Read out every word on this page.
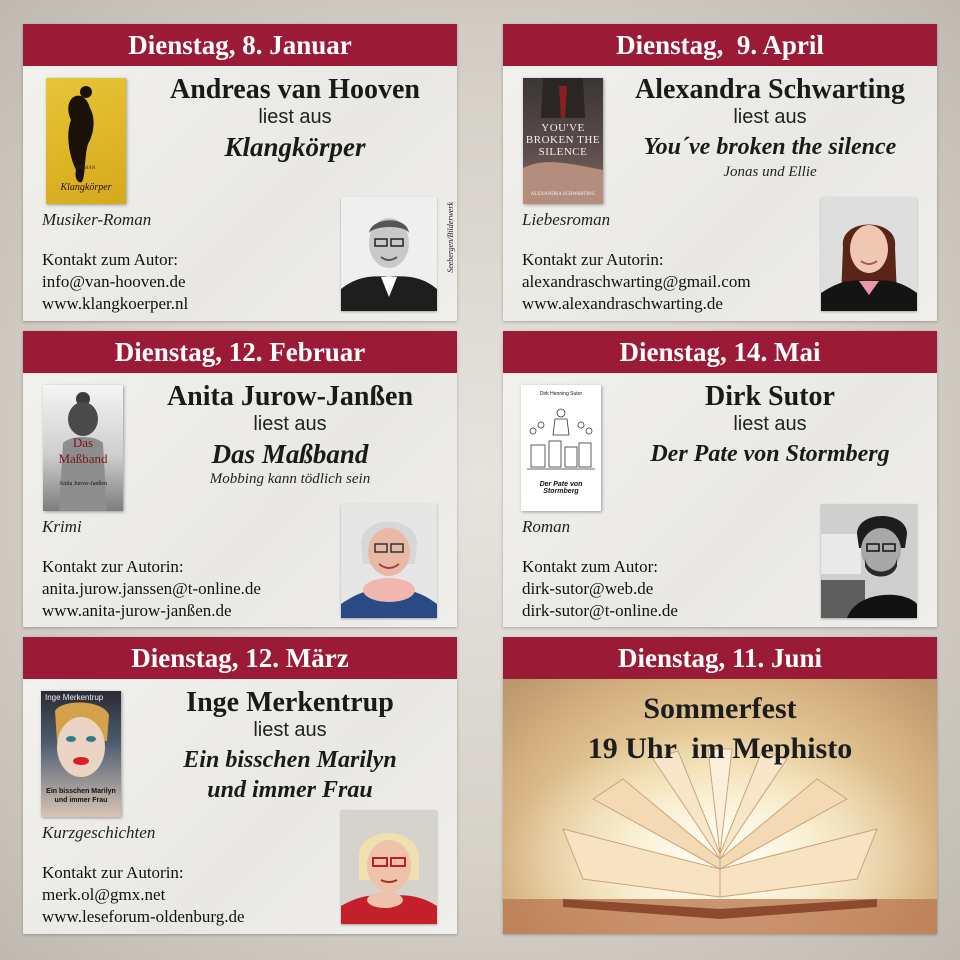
Dienstag, 8. Januar
ROMAN
Klangkörper
Andreas van Hooven
liest aus
Klangkörper
Musiker-Roman
Kontakt zum Autor:
info@van-hooven.de
www.klangkoerper.nl
Seebergen/Bilderwerk
Dienstag,  9. April
YOU'VE BROKEN THE SILENCE
ALEXANDRA SCHWARTING
Alexandra Schwarting
liest aus
You´ve broken the silence
Jonas und Ellie
Liebesroman
Kontakt zur Autorin:
alexandraschwarting@gmail.com
www.alexandraschwarting.de
Dienstag, 12. Februar
Das Maßband
Anita Jurow-Janßen
Anita Jurow-Janßen
liest aus
Das Maßband
Mobbing kann tödlich sein
Krimi
Kontakt zur Autorin:
anita.jurow.janssen@t-online.de
www.anita-jurow-janßen.de
Dienstag, 14. Mai
Dirk Henning Sutor
Der Pate von Stormberg
Dirk Sutor
liest aus
Der Pate von Stormberg
Roman
Kontakt zum Autor:
dirk-sutor@web.de
dirk-sutor@t-online.de
Dienstag, 12. März
Inge Merkentrup
Ein bisschen Marilyn und immer Frau
Inge Merkentrup
liest aus
Ein bisschen Marilyn
und immer Frau
Kurzgeschichten
Kontakt zur Autorin:
merk.ol@gmx.net
www.leseforum-oldenburg.de
Dienstag, 11. Juni
Sommerfest
19 Uhr  im Mephisto
